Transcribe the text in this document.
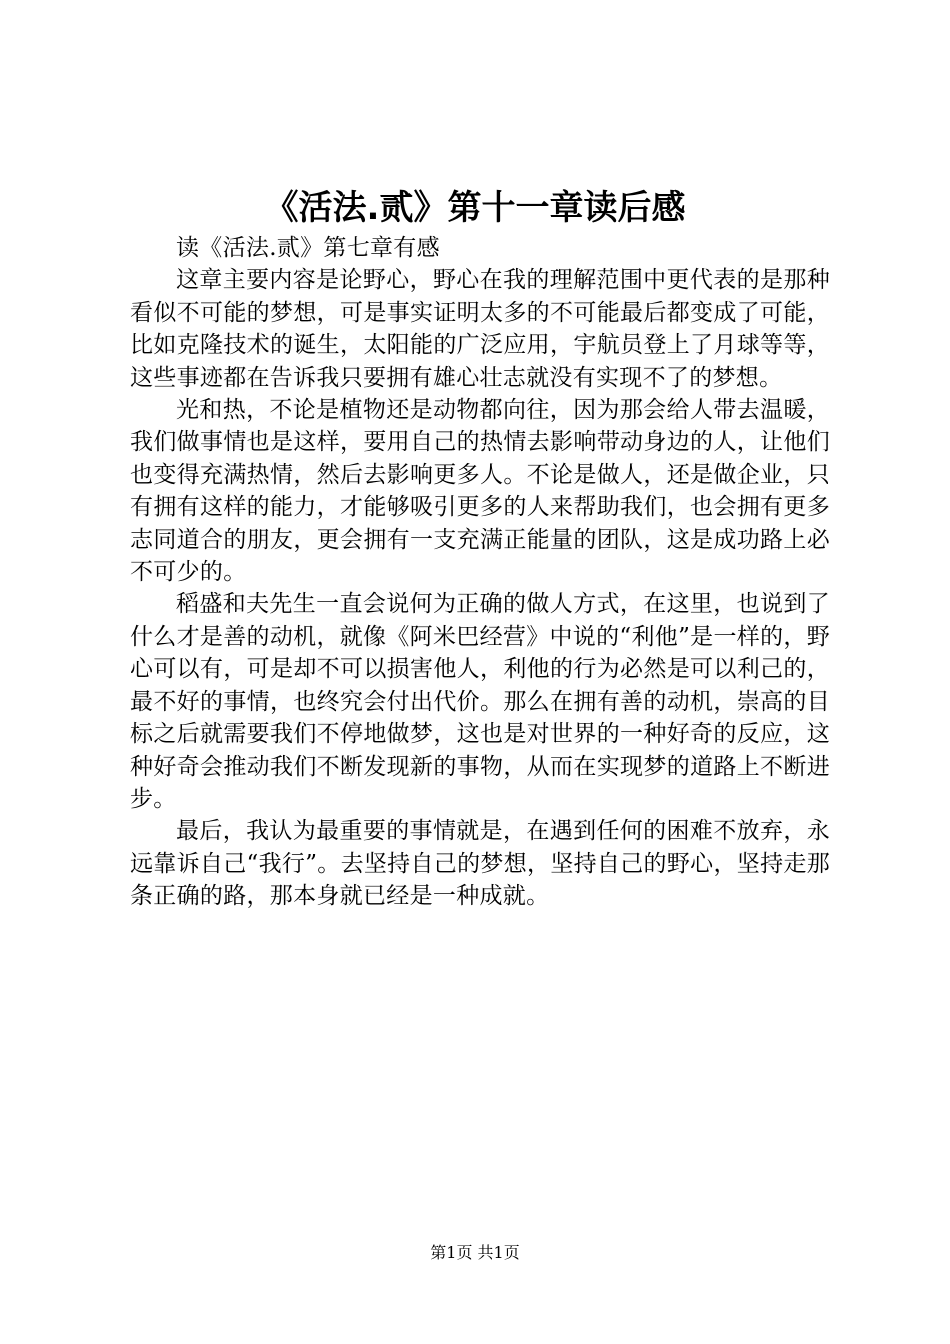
《活法.贰》第十一章读后感

读《活法.贰》第七章有感

这章主要内容是论野心，野心在我的理解范围中更代表的是那种看似不可能的梦想，可是事实证明太多的不可能最后都变成了可能，比如克隆技术的诞生，太阳能的广泛应用，宇航员登上了月球等等，这些事迹都在告诉我只要拥有雄心壮志就没有实现不了的梦想。

光和热，不论是植物还是动物都向往，因为那会给人带去温暖，我们做事情也是这样，要用自己的热情去影响带动身边的人，让他们也变得充满热情，然后去影响更多人。不论是做人，还是做企业，只有拥有这样的能力，才能够吸引更多的人来帮助我们，也会拥有更多志同道合的朋友，更会拥有一支充满正能量的团队，这是成功路上必不可少的。

稻盛和夫先生一直会说何为正确的做人方式，在这里，也说到了什么才是善的动机，就像《阿米巴经营》中说的“利他”是一样的，野心可以有，可是却不可以损害他人，利他的行为必然是可以利己的，最不好的事情，也终究会付出代价。那么在拥有善的动机，崇高的目标之后就需要我们不停地做梦，这也是对世界的一种好奇的反应，这种好奇会推动我们不断发现新的事物，从而在实现梦的道路上不断进步。

最后，我认为最重要的事情就是，在遇到任何的困难不放弃，永远靠诉自己“我行”。去坚持自己的梦想，坚持自己的野心，坚持走那条正确的路，那本身就已经是一种成就。

第1页 共1页
